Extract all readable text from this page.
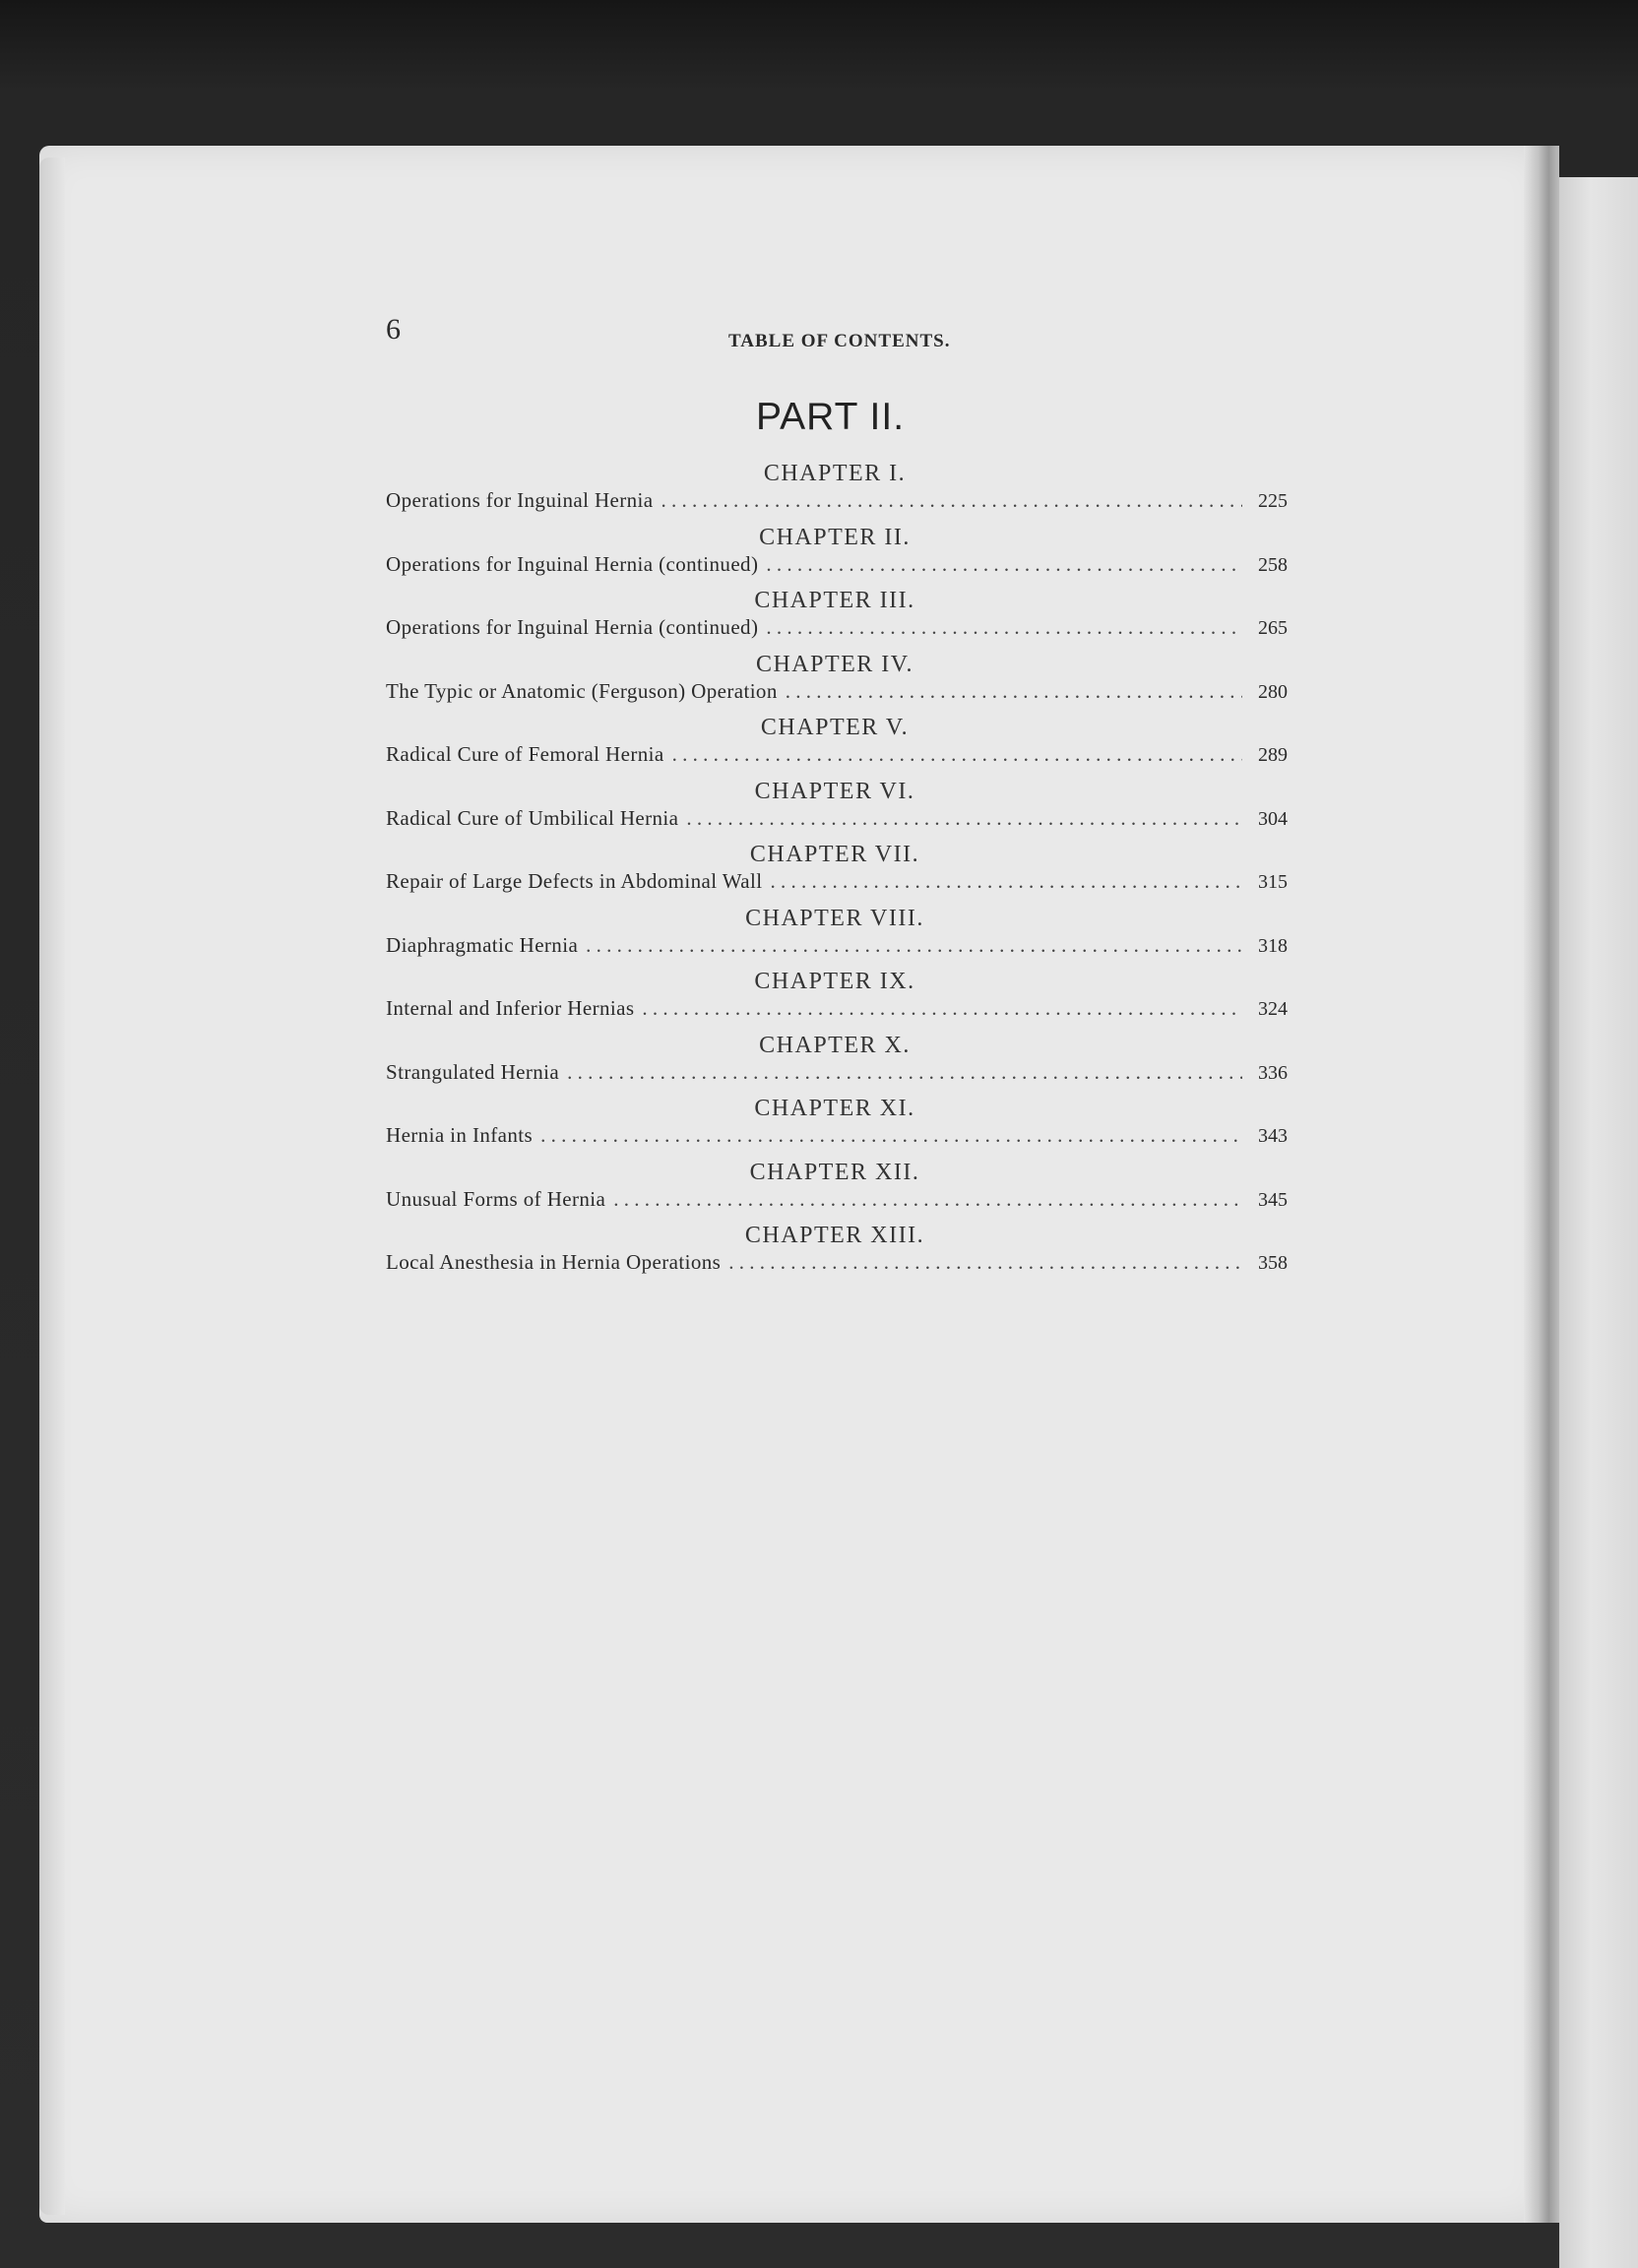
6	TABLE OF CONTENTS.
PART II.
CHAPTER I.
Operations for Inguinal Hernia . . .	225
CHAPTER II.
Operations for Inguinal Hernia (continued) . . .	258
CHAPTER III.
Operations for Inguinal Hernia (continued) . . .	265
CHAPTER IV.
The Typic or Anatomic (Ferguson) Operation . . .	280
CHAPTER V.
Radical Cure of Femoral Hernia . . .	289
CHAPTER VI.
Radical Cure of Umbilical Hernia . . .	304
CHAPTER VII.
Repair of Large Defects in Abdominal Wall . . .	315
CHAPTER VIII.
Diaphragmatic Hernia . . .	318
CHAPTER IX.
Internal and Inferior Hernias . . .	324
CHAPTER X.
Strangulated Hernia . . .	336
CHAPTER XI.
Hernia in Infants . . .	343
CHAPTER XII.
Unusual Forms of Hernia . . .	345
CHAPTER XIII.
Local Anesthesia in Hernia Operations . . .	358
